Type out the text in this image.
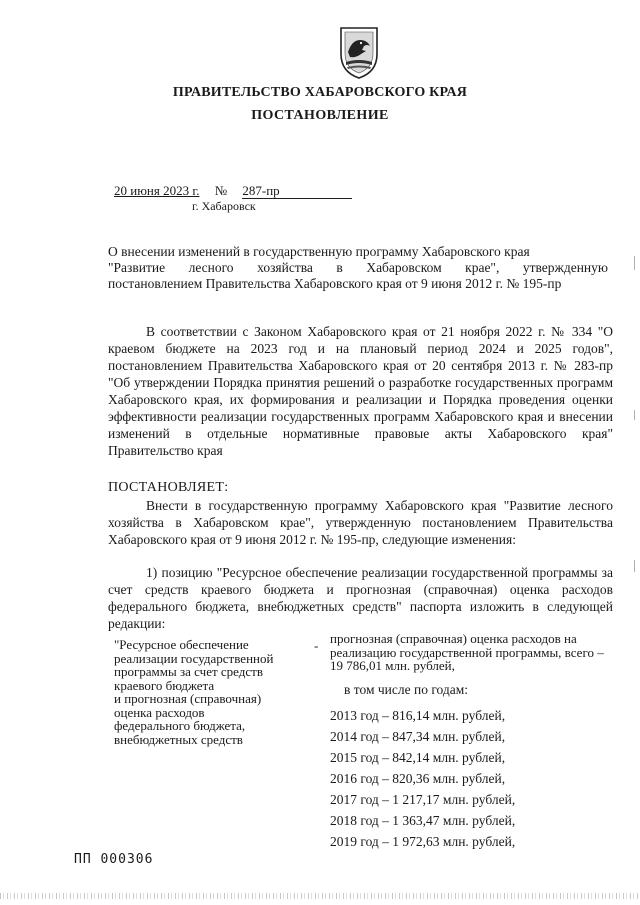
ПРАВИТЕЛЬСТВО ХАБАРОВСКОГО КРАЯ
ПОСТАНОВЛЕНИЕ
20 июня 2023 г. № 287-пр
г. Хабаровск
О внесении изменений в государственную программу Хабаровского края
"Развитие лесного хозяйства в Хабаровском крае", утвержденную
постановлением Правительства Хабаровского края от 9 июня 2012 г. № 195-пр
В соответствии с Законом Хабаровского края от 21 ноября 2022 г. № 334 "О краевом бюджете на 2023 год и на плановый период 2024 и 2025 годов", постановлением Правительства Хабаровского края от 20 сентября 2013 г. № 283-пр "Об утверждении Порядка принятия решений о разработке государственных программ Хабаровского края, их формирования и реализации и Порядка проведения оценки эффективности реализации государственных программ Хабаровского края и внесении изменений в отдельные нормативные правовые акты Хабаровского края" Правительство края
ПОСТАНОВЛЯЕТ:
Внести в государственную программу Хабаровского края "Развитие лесного хозяйства в Хабаровском крае", утвержденную постановлением Правительства Хабаровского края от 9 июня 2012 г. № 195-пр, следующие изменения:
1) позицию "Ресурсное обеспечение реализации государственной программы за счет средств краевого бюджета и прогнозная (справочная) оценка расходов федерального бюджета, внебюджетных средств" паспорта изложить в следующей редакции:
"Ресурсное обеспечение
реализации государственной
программы за счет средств
краевого бюджета
и прогнозная (справочная)
оценка расходов
федерального бюджета,
внебюджетных средств
- прогнозная (справочная) оценка расходов на реализацию государственной программы, всего – 19 786,01 млн. рублей,
в том числе по годам:
2013 год – 816,14 млн. рублей,
2014 год – 847,34 млн. рублей,
2015 год – 842,14 млн. рублей,
2016 год – 820,36 млн. рублей,
2017 год – 1 217,17 млн. рублей,
2018 год – 1 363,47 млн. рублей,
2019 год – 1 972,63 млн. рублей,
ПП 000306
